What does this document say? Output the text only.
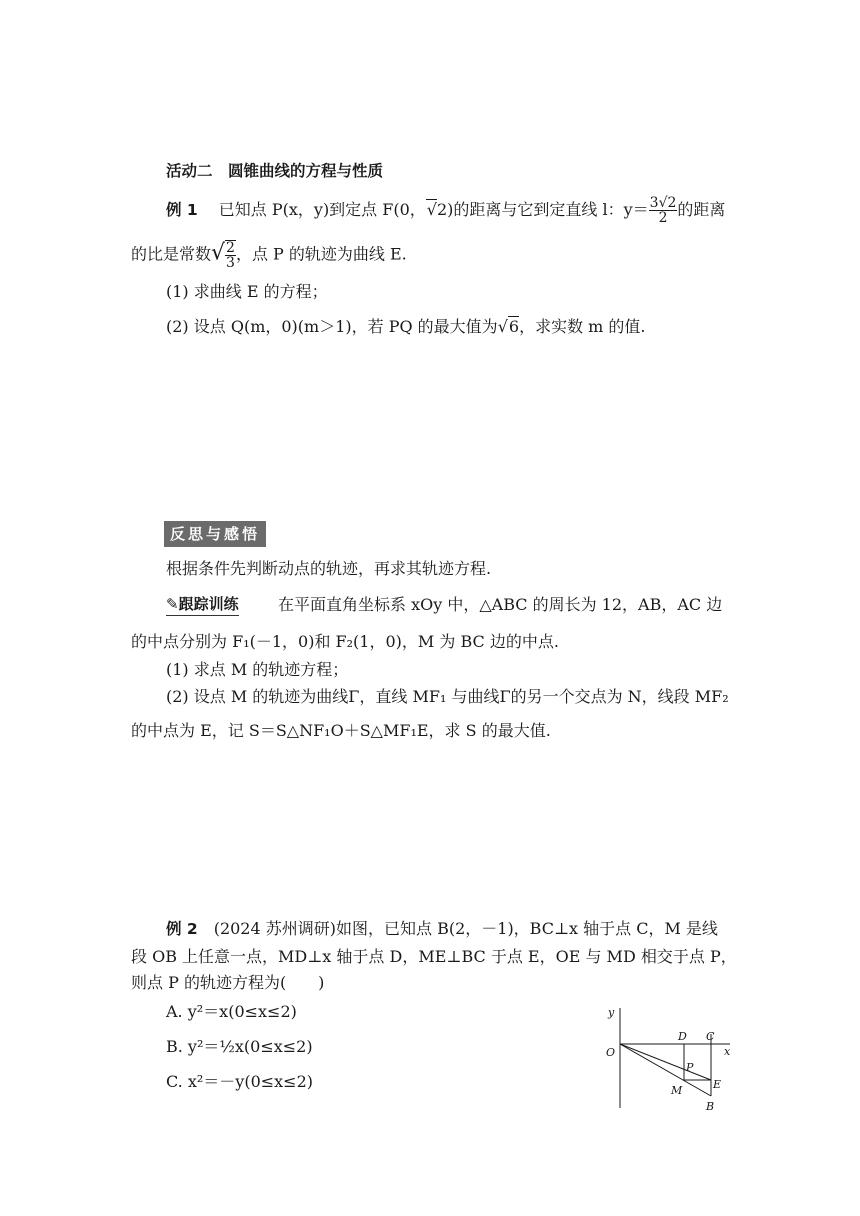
活动二　圆锥曲线的方程与性质
例 1　 已知点 P(x，y)到定点 F(0，√2)的距离与它到定直线 l：$y= \frac{3√2}{2}$ 的距离
的比是常数√ $\frac{2}{3}$ ，点 P 的轨迹为曲线 E.
(1) 求曲线 E 的方程；
(2) 设点 Q(m，0)(m＞1)，若 PQ 的最大值为√6，求实数 m 的值.
反思与感悟
根据条件先判断动点的轨迹，再求其轨迹方程.
✎跟踪训练 在平面直角坐标系 xOy 中，△ABC 的周长为 12，AB，AC 边
的中点分别为 F₁(－1，0)和 F₂(1，0)，M 为 BC 边的中点.
(1) 求点 M 的轨迹方程；
(2) 设点 M 的轨迹为曲线Γ，直线 MF₁ 与曲线Γ的另一个交点为 N，线段 MF₂
的中点为 E，记 S＝S△NF₁O＋S△MF₁E，求 S 的最大值.
例 2　 (2024 苏州调研)如图，已知点 B(2，－1)，BC⊥x 轴于点 C，M 是线
段 OB 上任意一点，MD⊥x 轴于点 D，ME⊥BC 于点 E，OE 与 MD 相交于点 P，
则点 P 的轨迹方程为(　　)
A. y²＝x(0≤x≤2)
B. y²＝½x(0≤x≤2)
C. x²＝－y(0≤x≤2)
y
x
O
D C
P
E
M
B
